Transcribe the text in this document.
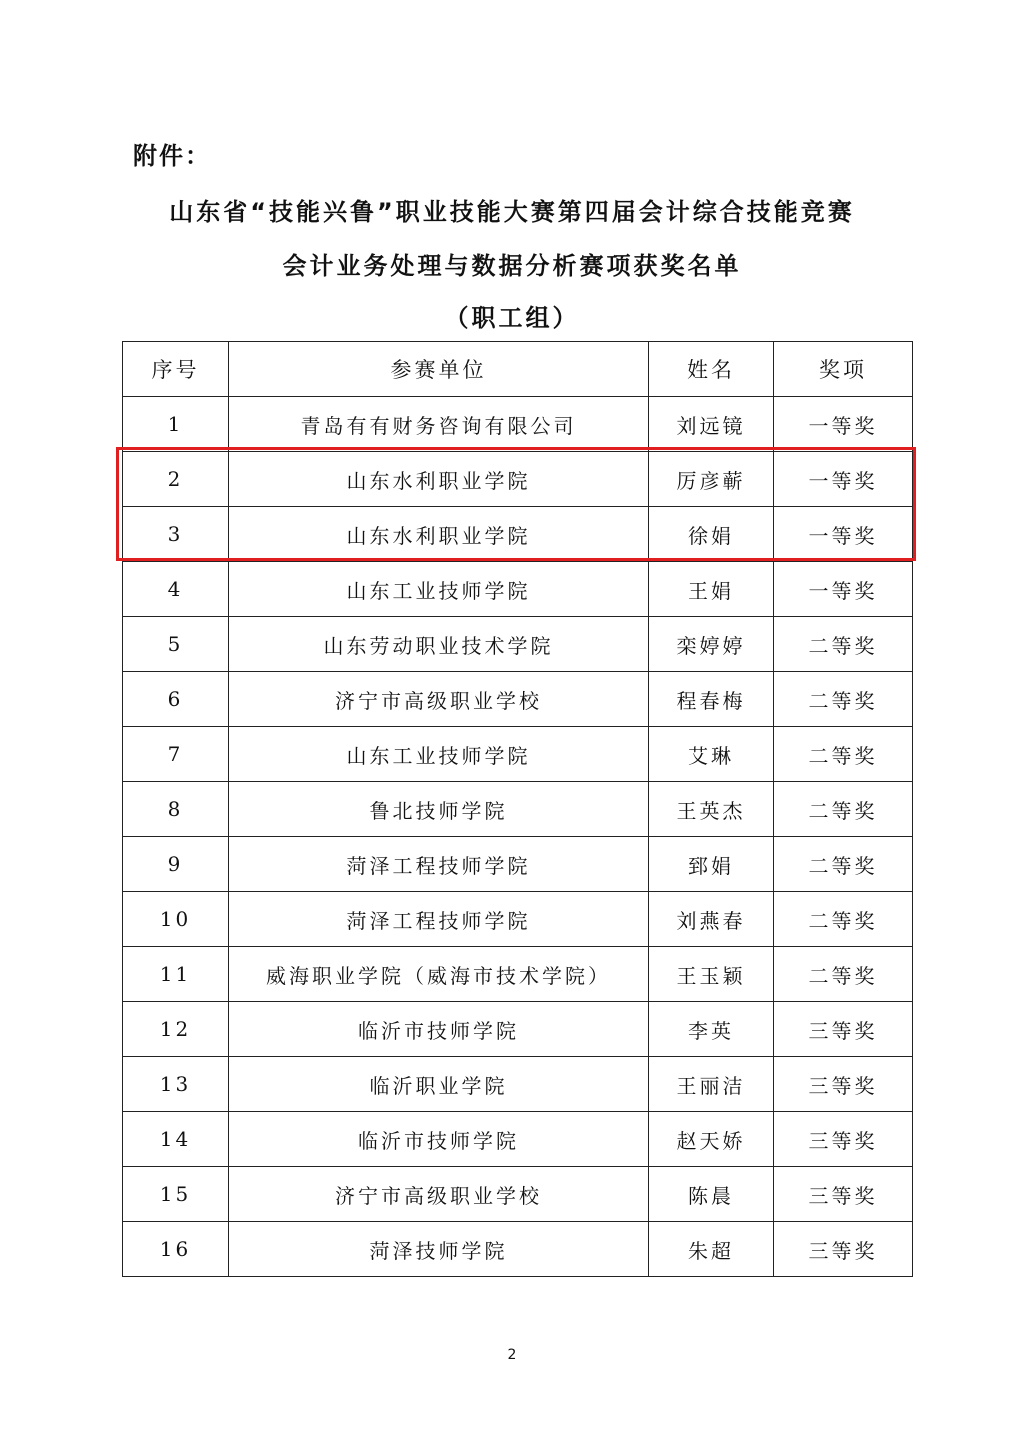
附件：
山东省“技能兴鲁”职业技能大赛第四届会计综合技能竞赛
会计业务处理与数据分析赛项获奖名单
（职工组）
序号	参赛单位	姓名	奖项
1	青岛有有财务咨询有限公司	刘远镜	一等奖
2	山东水利职业学院	厉彦蕲	一等奖
3	山东水利职业学院	徐娟	一等奖
4	山东工业技师学院	王娟	一等奖
5	山东劳动职业技术学院	栾婷婷	二等奖
6	济宁市高级职业学校	程春梅	二等奖
7	山东工业技师学院	艾琳	二等奖
8	鲁北技师学院	王英杰	二等奖
9	菏泽工程技师学院	郅娟	二等奖
10	菏泽工程技师学院	刘燕春	二等奖
11	威海职业学院（威海市技术学院）	王玉颖	二等奖
12	临沂市技师学院	李英	三等奖
13	临沂职业学院	王丽洁	三等奖
14	临沂市技师学院	赵天娇	三等奖
15	济宁市高级职业学校	陈晨	三等奖
16	菏泽技师学院	朱超	三等奖
2
